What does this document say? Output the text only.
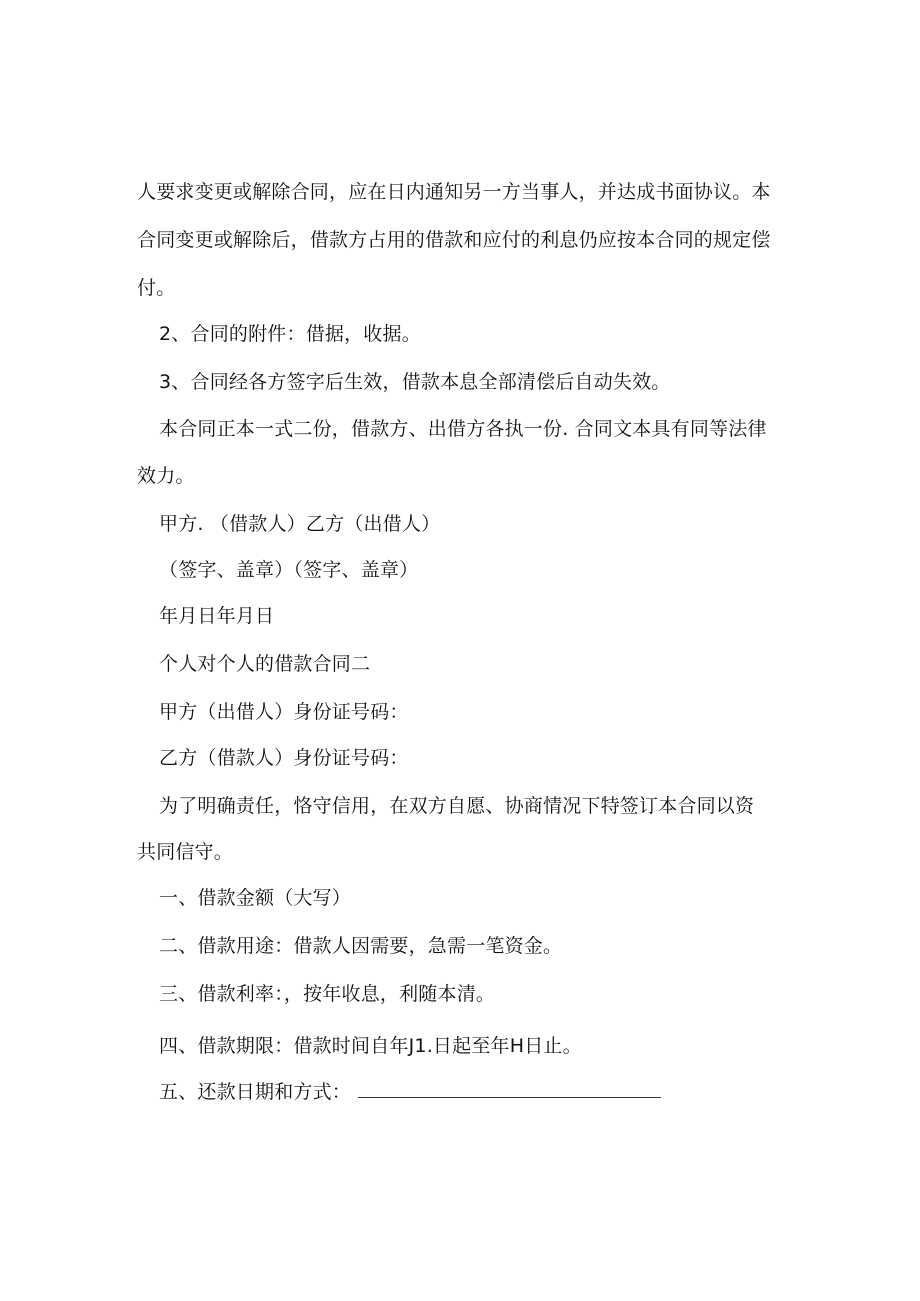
人要求变更或解除合同，应在日内通知另一方当事人，并达成书面协议。本
合同变更或解除后，借款方占用的借款和应付的利息仍应按本合同的规定偿
付。
2、合同的附件：借据，收据。
3、合同经各方签字后生效，借款本息全部清偿后自动失效。
本合同正本一式二份，借款方、出借方各执一份. 合同文本具有同等法律
效力。
甲方. （借款人）乙方（出借人）
（签字、盖章）（签字、盖章）
年月日年月日
个人对个人的借款合同二
甲方（出借人）身份证号码：
乙方（借款人）身份证号码：
为了明确责任，恪守信用，在双方自愿、协商情况下特签订本合同以资
共同信守。
一、借款金额（大写）
二、借款用途：借款人因需要，急需一笔资金。
三、借款利率：，按年收息，利随本清。
四、借款期限：借款时间自年J1.日起至年H日止。
五、还款日期和方式：
